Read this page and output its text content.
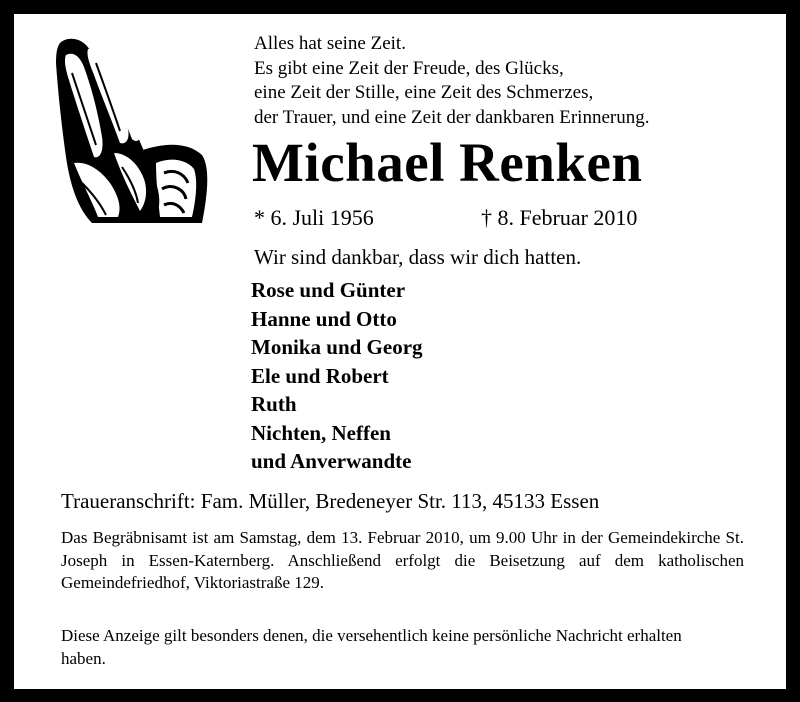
Alles hat seine Zeit.
Es gibt eine Zeit der Freude, des Glücks,
eine Zeit der Stille, eine Zeit des Schmerzes,
der Trauer, und eine Zeit der dankbaren Erinnerung.
Michael Renken
* 6. Juli 1956	† 8. Februar 2010
Wir sind dankbar, dass wir dich hatten.
Rose und Günter
Hanne und Otto
Monika und Georg
Ele und Robert
Ruth
Nichten, Neffen
und Anverwandte
Traueranschrift: Fam. Müller, Bredeneyer Str. 113, 45133 Essen
Das Begräbnisamt ist am Samstag, dem 13. Februar 2010, um 9.00 Uhr in der Gemeindekirche St. Joseph in Essen-Katernberg. Anschließend erfolgt die Beisetzung auf dem katholischen Gemeindefriedhof, Viktoriastraße 129.
Diese Anzeige gilt besonders denen, die versehentlich keine persönliche Nachricht erhalten haben.
